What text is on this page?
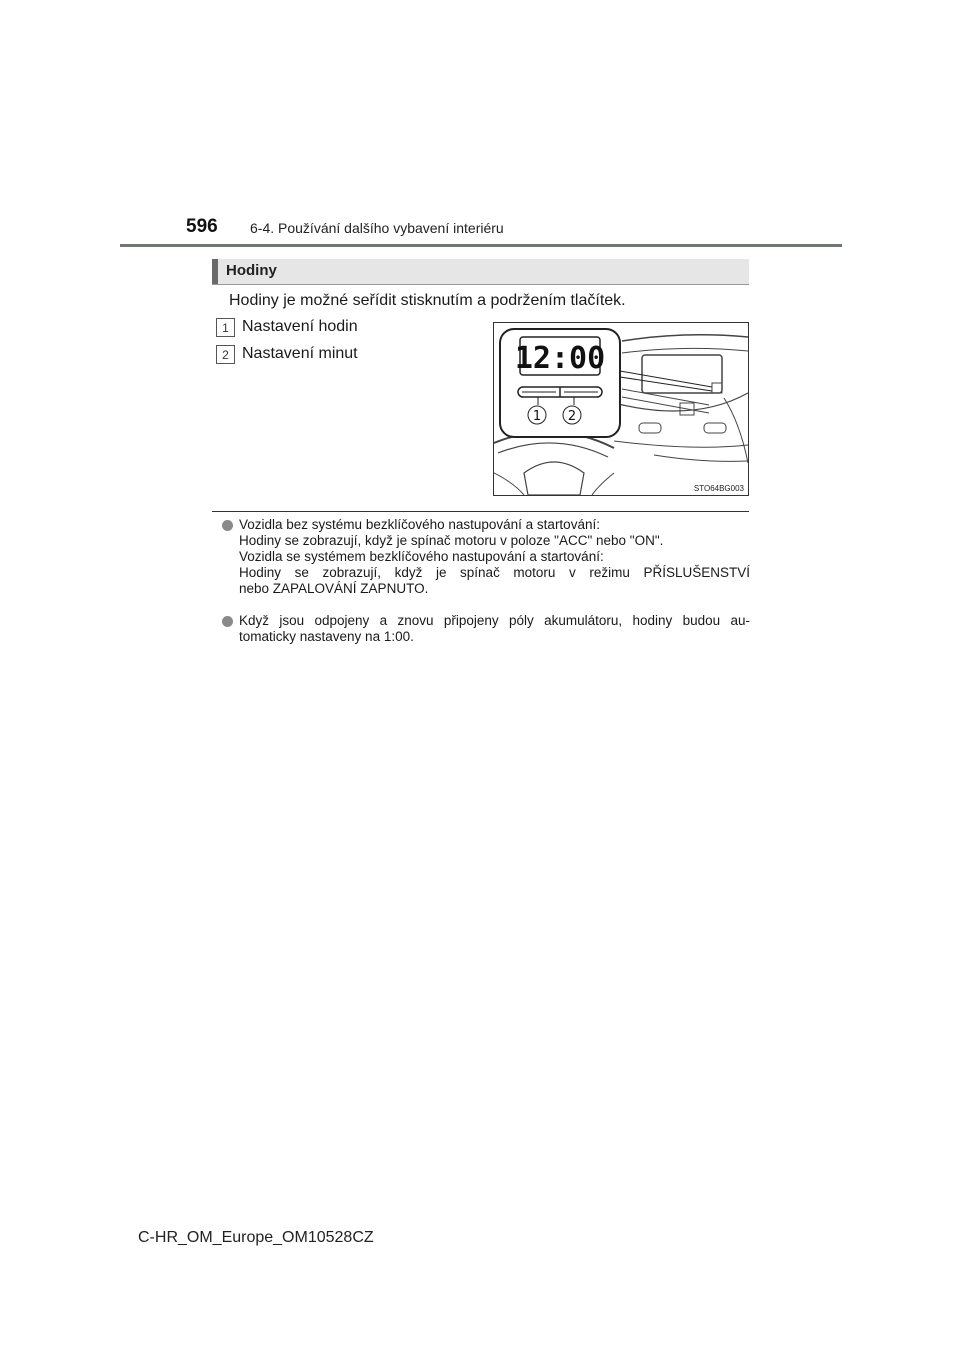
596 6-4. Používání dalšího vybavení interiéru
Hodiny
Hodiny je možné seřídit stisknutím a podržením tlačítek.
1 Nastavení hodin
2 Nastavení minut	12:00
1 2
STO64BG003
Vozidla bez systému bezklíčového nastupování a startování:
Hodiny se zobrazují, když je spínač motoru v poloze "ACC" nebo "ON".
Vozidla se systémem bezklíčového nastupování a startování:
Hodiny se zobrazují, když je spínač motoru v režimu PŘÍSLUŠENSTVÍ
nebo ZAPALOVÁNÍ ZAPNUTO.
Když jsou odpojeny a znovu připojeny póly akumulátoru, hodiny budou au-
tomaticky nastaveny na 1:00.
C-HR_OM_Europe_OM10528CZ
